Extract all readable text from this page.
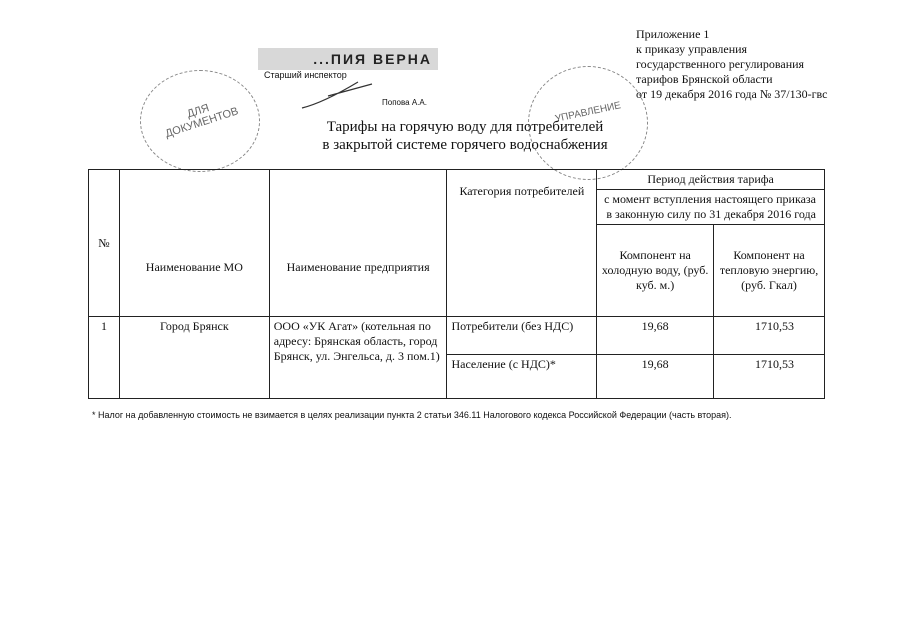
ДЛЯ ДОКУМЕНТОВ
...ПИЯ ВЕРНА
Старший инспектор
Попова А.А.	УПРАВЛЕНИЕ
Приложение 1
к приказу управления
государственного регулирования
тарифов Брянской области
от 19 декабря 2016 года № 37/130-гвс
Тарифы на горячую воду для потребителей
в закрытой системе горячего водоснабжения
№	Наименование МО	Наименование предприятия	Категория потребителей	Период действия тарифа	
				с момент вступления настоящего приказа в законную силу по 31 декабря 2016 года	
				Компонент на холодную воду, (руб. куб. м.)	Компонент на тепловую энергию, (руб. Гкал)
1	Город Брянск	ООО «УК Агат» (котельная по адресу: Брянская область, город Брянск, ул. Энгельса, д. 3 пом.1)	Потребители (без НДС)	19,68	1710,53
			Население (с НДС)*	19,68	1710,53
* Налог на добавленную стоимость не взимается в целях реализации пункта 2 статьи 346.11 Налогового кодекса Российской Федерации (часть вторая).
